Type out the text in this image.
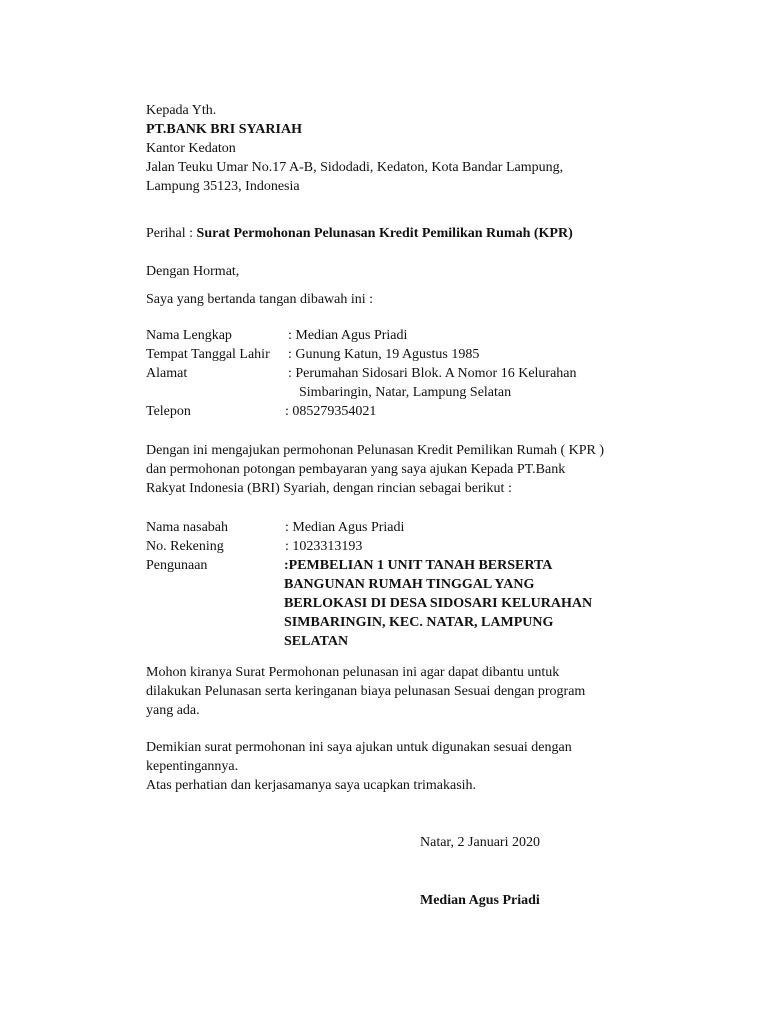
Kepada Yth.
PT.BANK BRI SYARIAH
Kantor Kedaton
Jalan Teuku Umar No.17 A-B, Sidodadi, Kedaton, Kota Bandar Lampung,
Lampung 35123, Indonesia
Perihal : Surat Permohonan Pelunasan Kredit Pemilikan Rumah (KPR)
Dengan Hormat,
Saya yang bertanda tangan dibawah ini :
Nama Lengkap	: Median Agus Priadi
Tempat Tanggal Lahir : Gunung Katun, 19 Agustus 1985
Alamat	: Perumahan Sidosari Blok. A Nomor 16 Kelurahan
Simbaringin, Natar, Lampung Selatan
Telepon	: 085279354021
Dengan ini mengajukan permohonan Pelunasan Kredit Pemilikan Rumah ( KPR )
dan permohonan potongan pembayaran yang saya ajukan Kepada PT.Bank
Rakyat Indonesia (BRI) Syariah, dengan rincian sebagai berikut :
Nama nasabah	: Median Agus Priadi
No. Rekening	: 1023313193
Pengunaan	:PEMBELIAN 1 UNIT TANAH BERSERTA
BANGUNAN RUMAH TINGGAL YANG
BERLOKASI DI DESA SIDOSARI KELURAHAN
SIMBARINGIN, KEC. NATAR, LAMPUNG
SELATAN
Mohon kiranya Surat Permohonan pelunasan ini agar dapat dibantu untuk
dilakukan Pelunasan serta keringanan biaya pelunasan Sesuai dengan program
yang ada.
Demikian surat permohonan ini saya ajukan untuk digunakan sesuai dengan
kepentingannya.
Atas perhatian dan kerjasamanya saya ucapkan trimakasih.
Natar, 2 Januari 2020
Median Agus Priadi
